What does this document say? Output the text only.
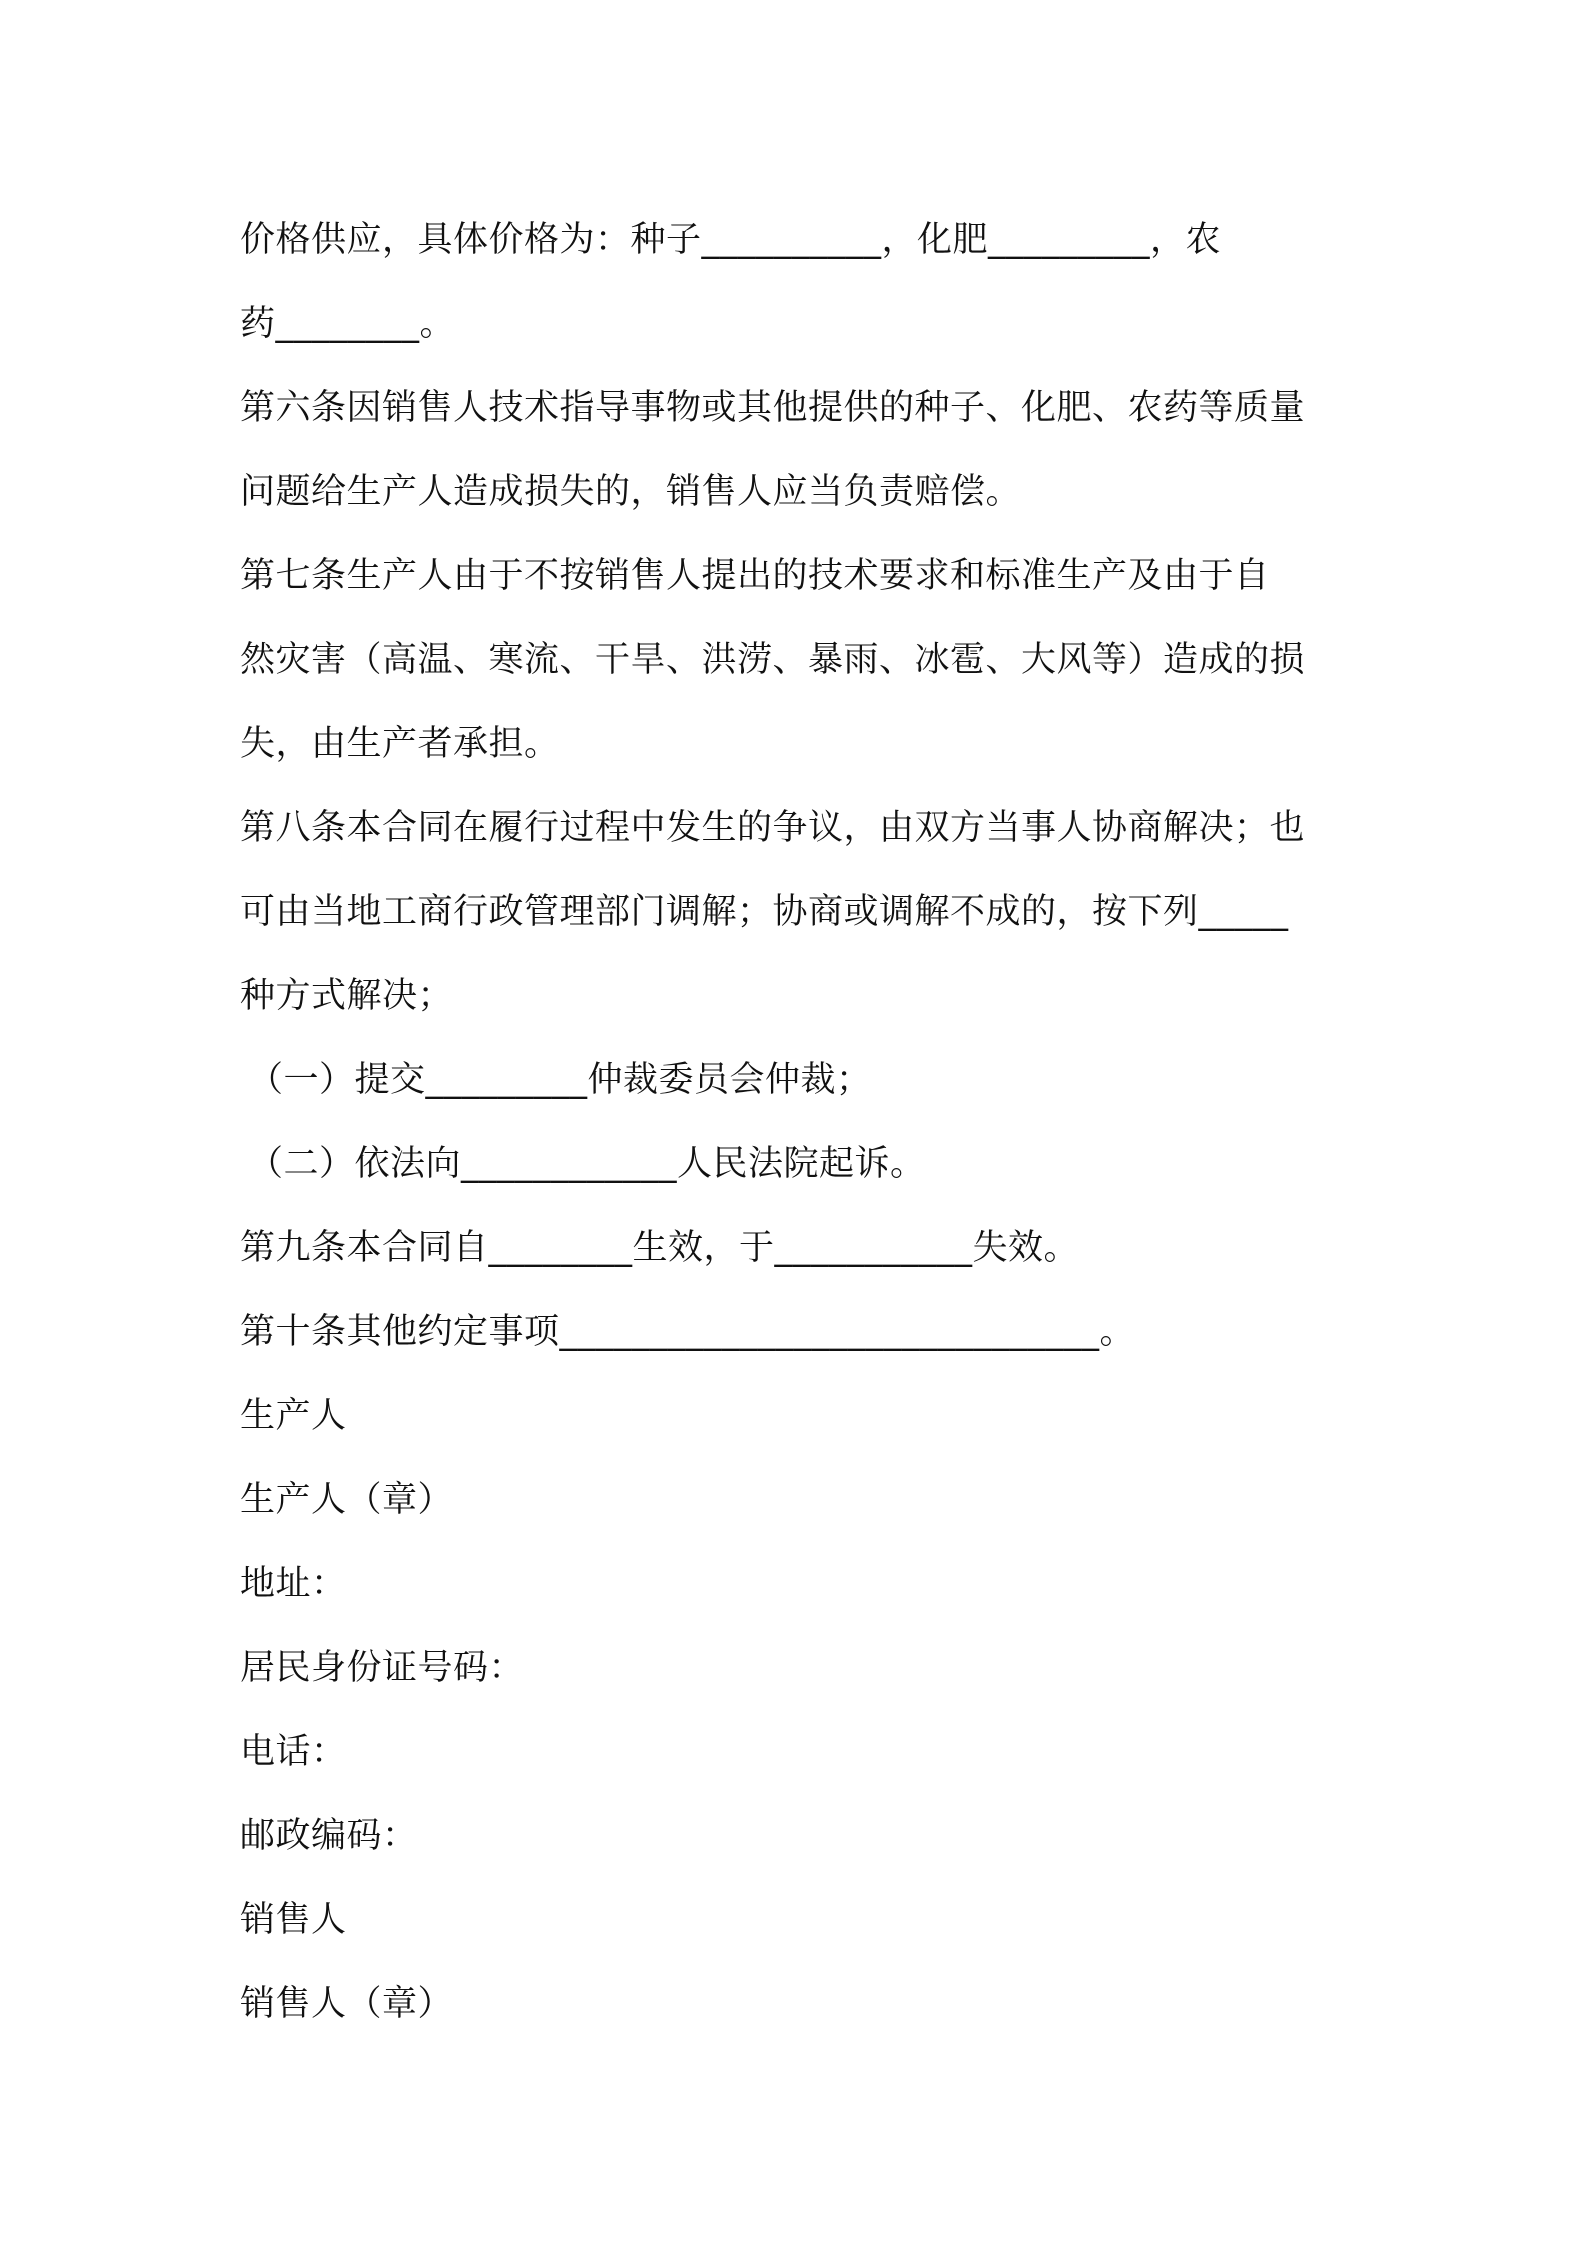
价格供应，具体价格为：种子__________，化肥_________，农
药________。
第六条因销售人技术指导事物或其他提供的种子、化肥、农药等质量
问题给生产人造成损失的，销售人应当负责赔偿。
第七条生产人由于不按销售人提出的技术要求和标准生产及由于自
然灾害（高温、寒流、干旱、洪涝、暴雨、冰雹、大风等）造成的损
失，由生产者承担。
第八条本合同在履行过程中发生的争议，由双方当事人协商解决；也
可由当地工商行政管理部门调解；协商或调解不成的，按下列_____
种方式解决；
（一）提交_________仲裁委员会仲裁；
（二）依法向____________人民法院起诉。
第九条本合同自________生效，于___________失效。
第十条其他约定事项______________________________。
生产人
生产人（章）
地址：
居民身份证号码：
电话：
邮政编码：
销售人
销售人（章）
